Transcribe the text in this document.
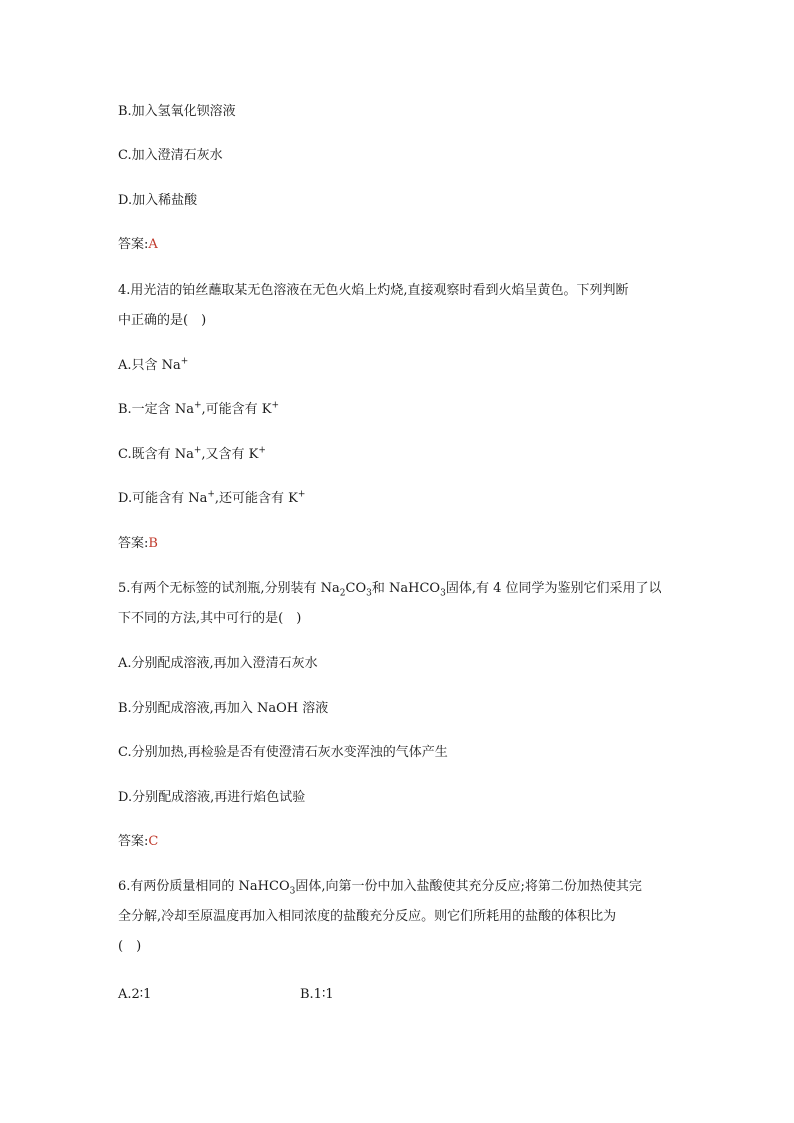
B.加入氢氧化钡溶液
C.加入澄清石灰水
D.加入稀盐酸
答案:A
4.用光洁的铂丝蘸取某无色溶液在无色火焰上灼烧,直接观察时看到火焰呈黄色。下列判断
中正确的是(　)
A.只含 Na+
B.一定含 Na+,可能含有 K+
C.既含有 Na+,又含有 K+
D.可能含有 Na+,还可能含有 K+
答案:B
5.有两个无标签的试剂瓶,分别装有 $Na_2CO_3$和 NaHCO$_3$固体,有 4 位同学为鉴别它们采用了以
下不同的方法,其中可行的是(　)
A.分别配成溶液,再加入澄清石灰水
B.分别配成溶液,再加入 NaOH 溶液
C.分别加热,再检验是否有使澄清石灰水变浑浊的气体产生
D.分别配成溶液,再进行焰色试验
答案:C
6.有两份质量相同的 NaHCO$_3$固体,向第一份中加入盐酸使其充分反应;将第二份加热使其完
全分解,冷却至原温度再加入相同浓度的盐酸充分反应。则它们所耗用的盐酸的体积比为
(　)
A.2∶1	B.1∶1
